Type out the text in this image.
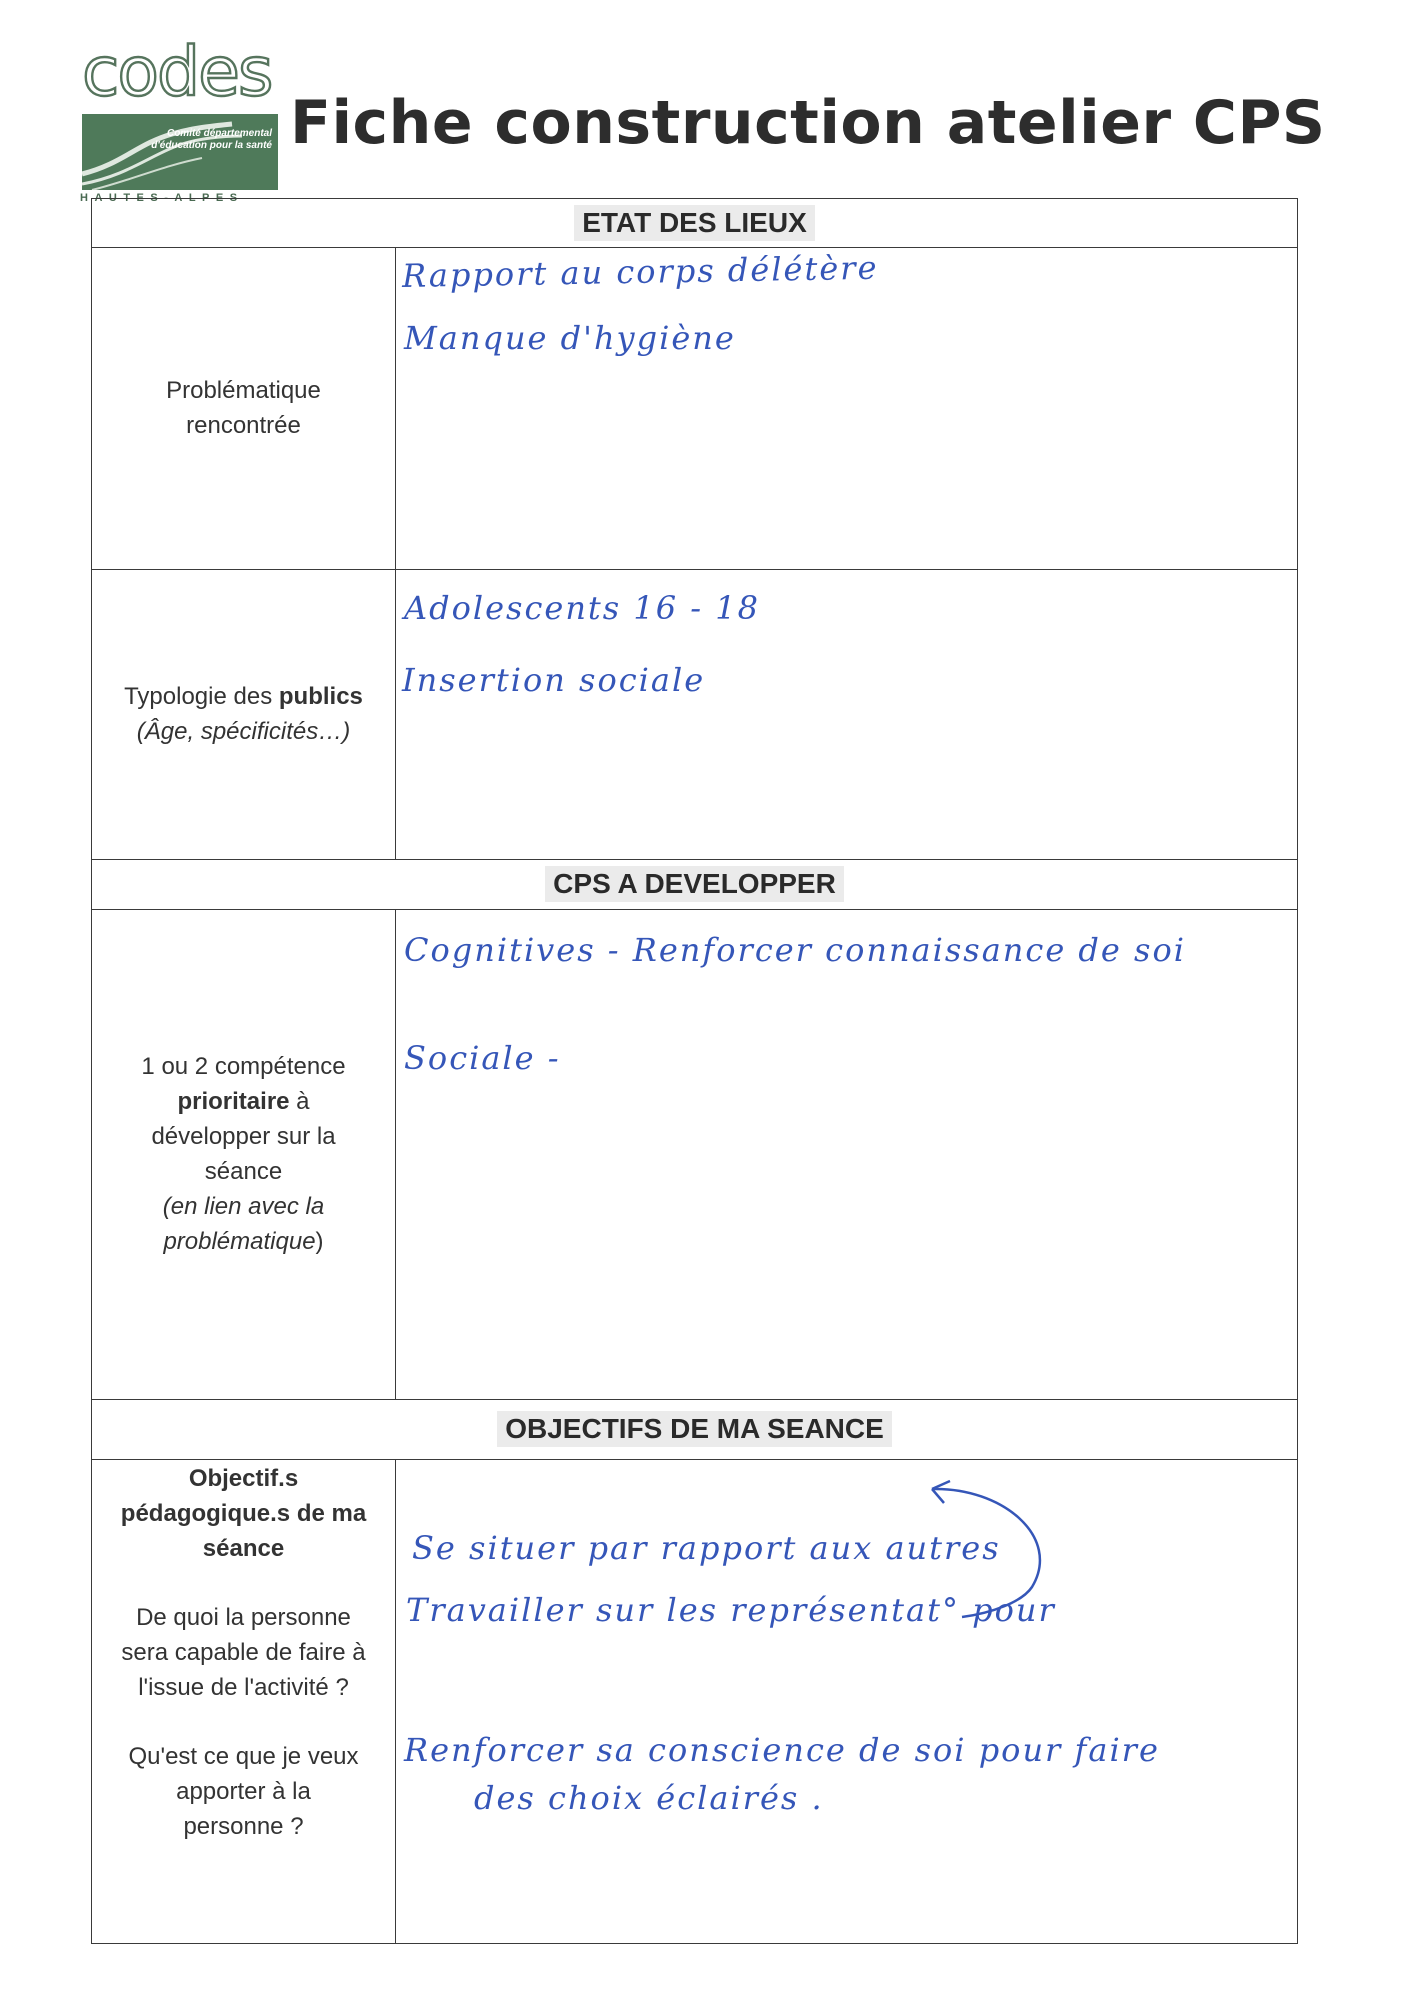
codes
Comité départemental d'éducation pour la santé
HAUTES-ALPES
Fiche construction atelier CPS
ETAT DES LIEUX
Problématique
rencontrée
Rapport au corps délétère
Manque d'hygiène
Typologie des publics
(Âge, spécificités…)
Adolescents 16 - 18
Insertion sociale
CPS A DEVELOPPER
1 ou 2 compétence
prioritaire à
développer sur la
séance
(en lien avec la
problématique)
Cognitives - Renforcer connaissance de soi
Sociale -
OBJECTIFS DE MA SEANCE
Objectif.s
pédagogique.s de ma
séance
De quoi la personne
sera capable de faire à
l'issue de l'activité ?
Qu'est ce que je veux
apporter à la
personne ?
Se situer par rapport aux autres
Travailler sur les représentat° pour
Renforcer sa conscience de soi pour faire
des choix éclairés .
